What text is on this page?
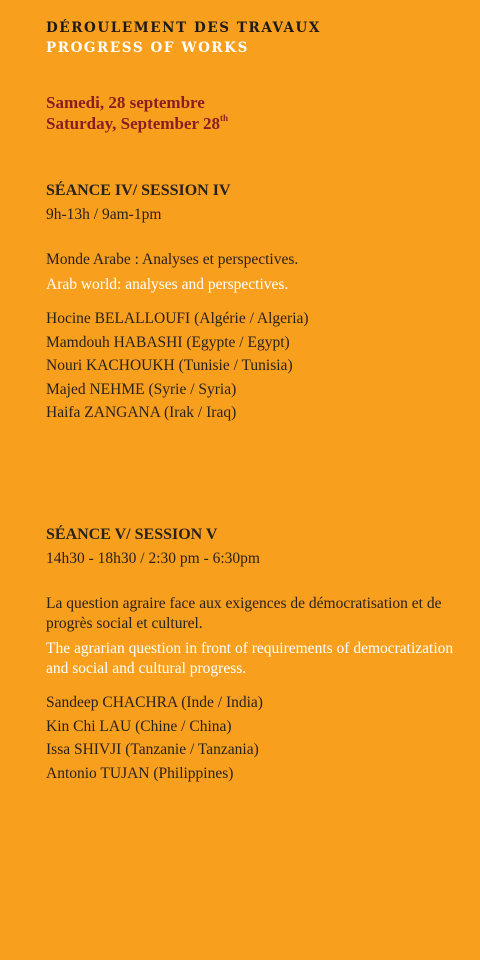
DÉROULEMENT DES TRAVAUX
PROGRESS OF WORKS
Samedi, 28 septembre
Saturday, September 28th
SÉANCE IV/ SESSION IV
9h-13h / 9am-1pm
Monde Arabe : Analyses et perspectives.
Arab world: analyses and perspectives.
Hocine BELALLOUFI (Algérie / Algeria)
Mamdouh HABASHI (Egypte / Egypt)
Nouri KACHOUKH (Tunisie / Tunisia)
Majed NEHME (Syrie / Syria)
Haifa ZANGANA (Irak / Iraq)
SÉANCE V/ SESSION V
14h30 - 18h30 / 2:30 pm - 6:30pm
La question agraire face aux exigences de démocratisation et de progrès social et culturel.
The agrarian question in front of requirements of democratization and social and cultural progress.
Sandeep CHACHRA (Inde / India)
Kin Chi LAU (Chine / China)
Issa SHIVJI (Tanzanie / Tanzania)
Antonio TUJAN (Philippines)
